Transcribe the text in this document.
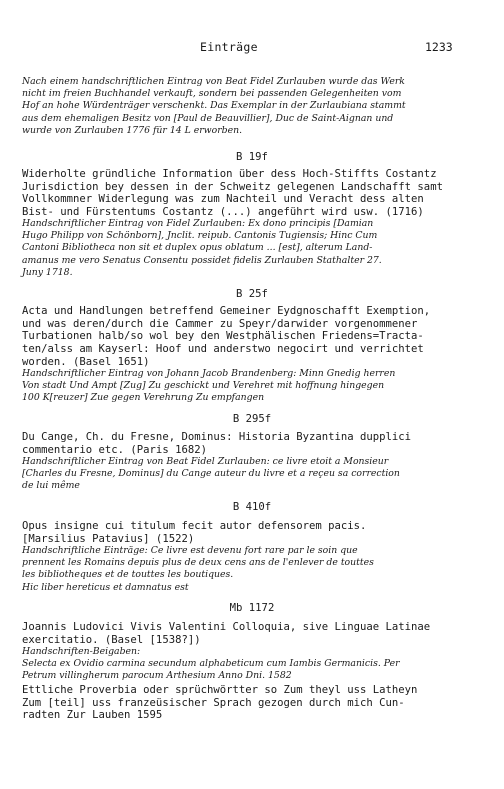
Einträge	1233
Nach einem handschriftlichen Eintrag von Beat Fidel Zurlauben wurde das Werk
nicht im freien Buchhandel verkauft, sondern bei passenden Gelegenheiten vom
Hof an hohe Würdenträger verschenkt. Das Exemplar in der Zurlaubiana stammt
aus dem ehemaligen Besitz von [Paul de Beauvillier], Duc de Saint-Aignan und
wurde von Zurlauben 1776 für 14 L erworben.
B 19f
Widerholte gründliche Information über dess Hoch-Stiffts Costantz
Jurisdiction bey dessen in der Schweitz gelegenen Landschafft samt
Vollkommner Widerlegung was zum Nachteil und Veracht dess alten
Bist- und Fürstentums Costantz (...) angeführt wird usw. (1716)
Handschriftlicher Eintrag von Fidel Zurlauben: Ex dono principis [Damian
Hugo Philipp von Schönborn], Jnclit. reipub. Cantonis Tugiensis; Hinc Cum
Cantoni Bibliotheca non sit et duplex opus oblatum ... [est], alterum Land-
amanus me vero Senatus Consentu possidet fidelis Zurlauben Stathalter 27.
Juny 1718.
B 25f
Acta und Handlungen betreffend Gemeiner Eydgnoschafft Exemption,
und was deren/durch die Cammer zu Speyr/darwider vorgenommener
Turbationen halb/so wol bey den Westphälischen Friedens=Tracta-
ten/alss am Kayserl: Hoof und anderstwo negocirt und verrichtet
worden. (Basel 1651)
Handschriftlicher Eintrag von Johann Jacob Brandenberg: Minn Gnedig herren
Von stadt Und Ampt [Zug] Zu geschickt und Verehret mit hoffnung hingegen
100 K[reuzer] Zue gegen Verehrung Zu empfangen
B 295f
Du Cange, Ch. du Fresne, Dominus: Historia Byzantina dupplici
commentario etc. (Paris 1682)
Handschriftlicher Eintrag von Beat Fidel Zurlauben: ce livre etoit a Monsieur
[Charles du Fresne, Dominus] du Cange auteur du livre et a reçeu sa correction
de lui même
B 410f
Opus insigne cui titulum fecit autor defensorem pacis.
[Marsilius Patavius] (1522)
Handschriftliche Einträge: Ce livre est devenu fort rare par le soin que
prennent les Romains depuis plus de deux cens ans de l'enlever de touttes
les bibliotheques et de touttes les boutiques.
Hic liber hereticus et damnatus est
Mb 1172
Joannis Ludovici Vivis Valentini Colloquia, sive Linguae Latinae
exercitatio. (Basel [1538?])
Handschriften-Beigaben:
Selecta ex Ovidio carmina secundum alphabeticum cum Iambis Germanicis. Per
Petrum villingherum parocum Arthesium Anno Dni. 1582
Ettliche Proverbia oder sprüchwörtter so Zum theyl uss Latheyn
Zum [teil] uss franzeüsischer Sprach gezogen durch mich Cun-
radten Zur Lauben 1595
